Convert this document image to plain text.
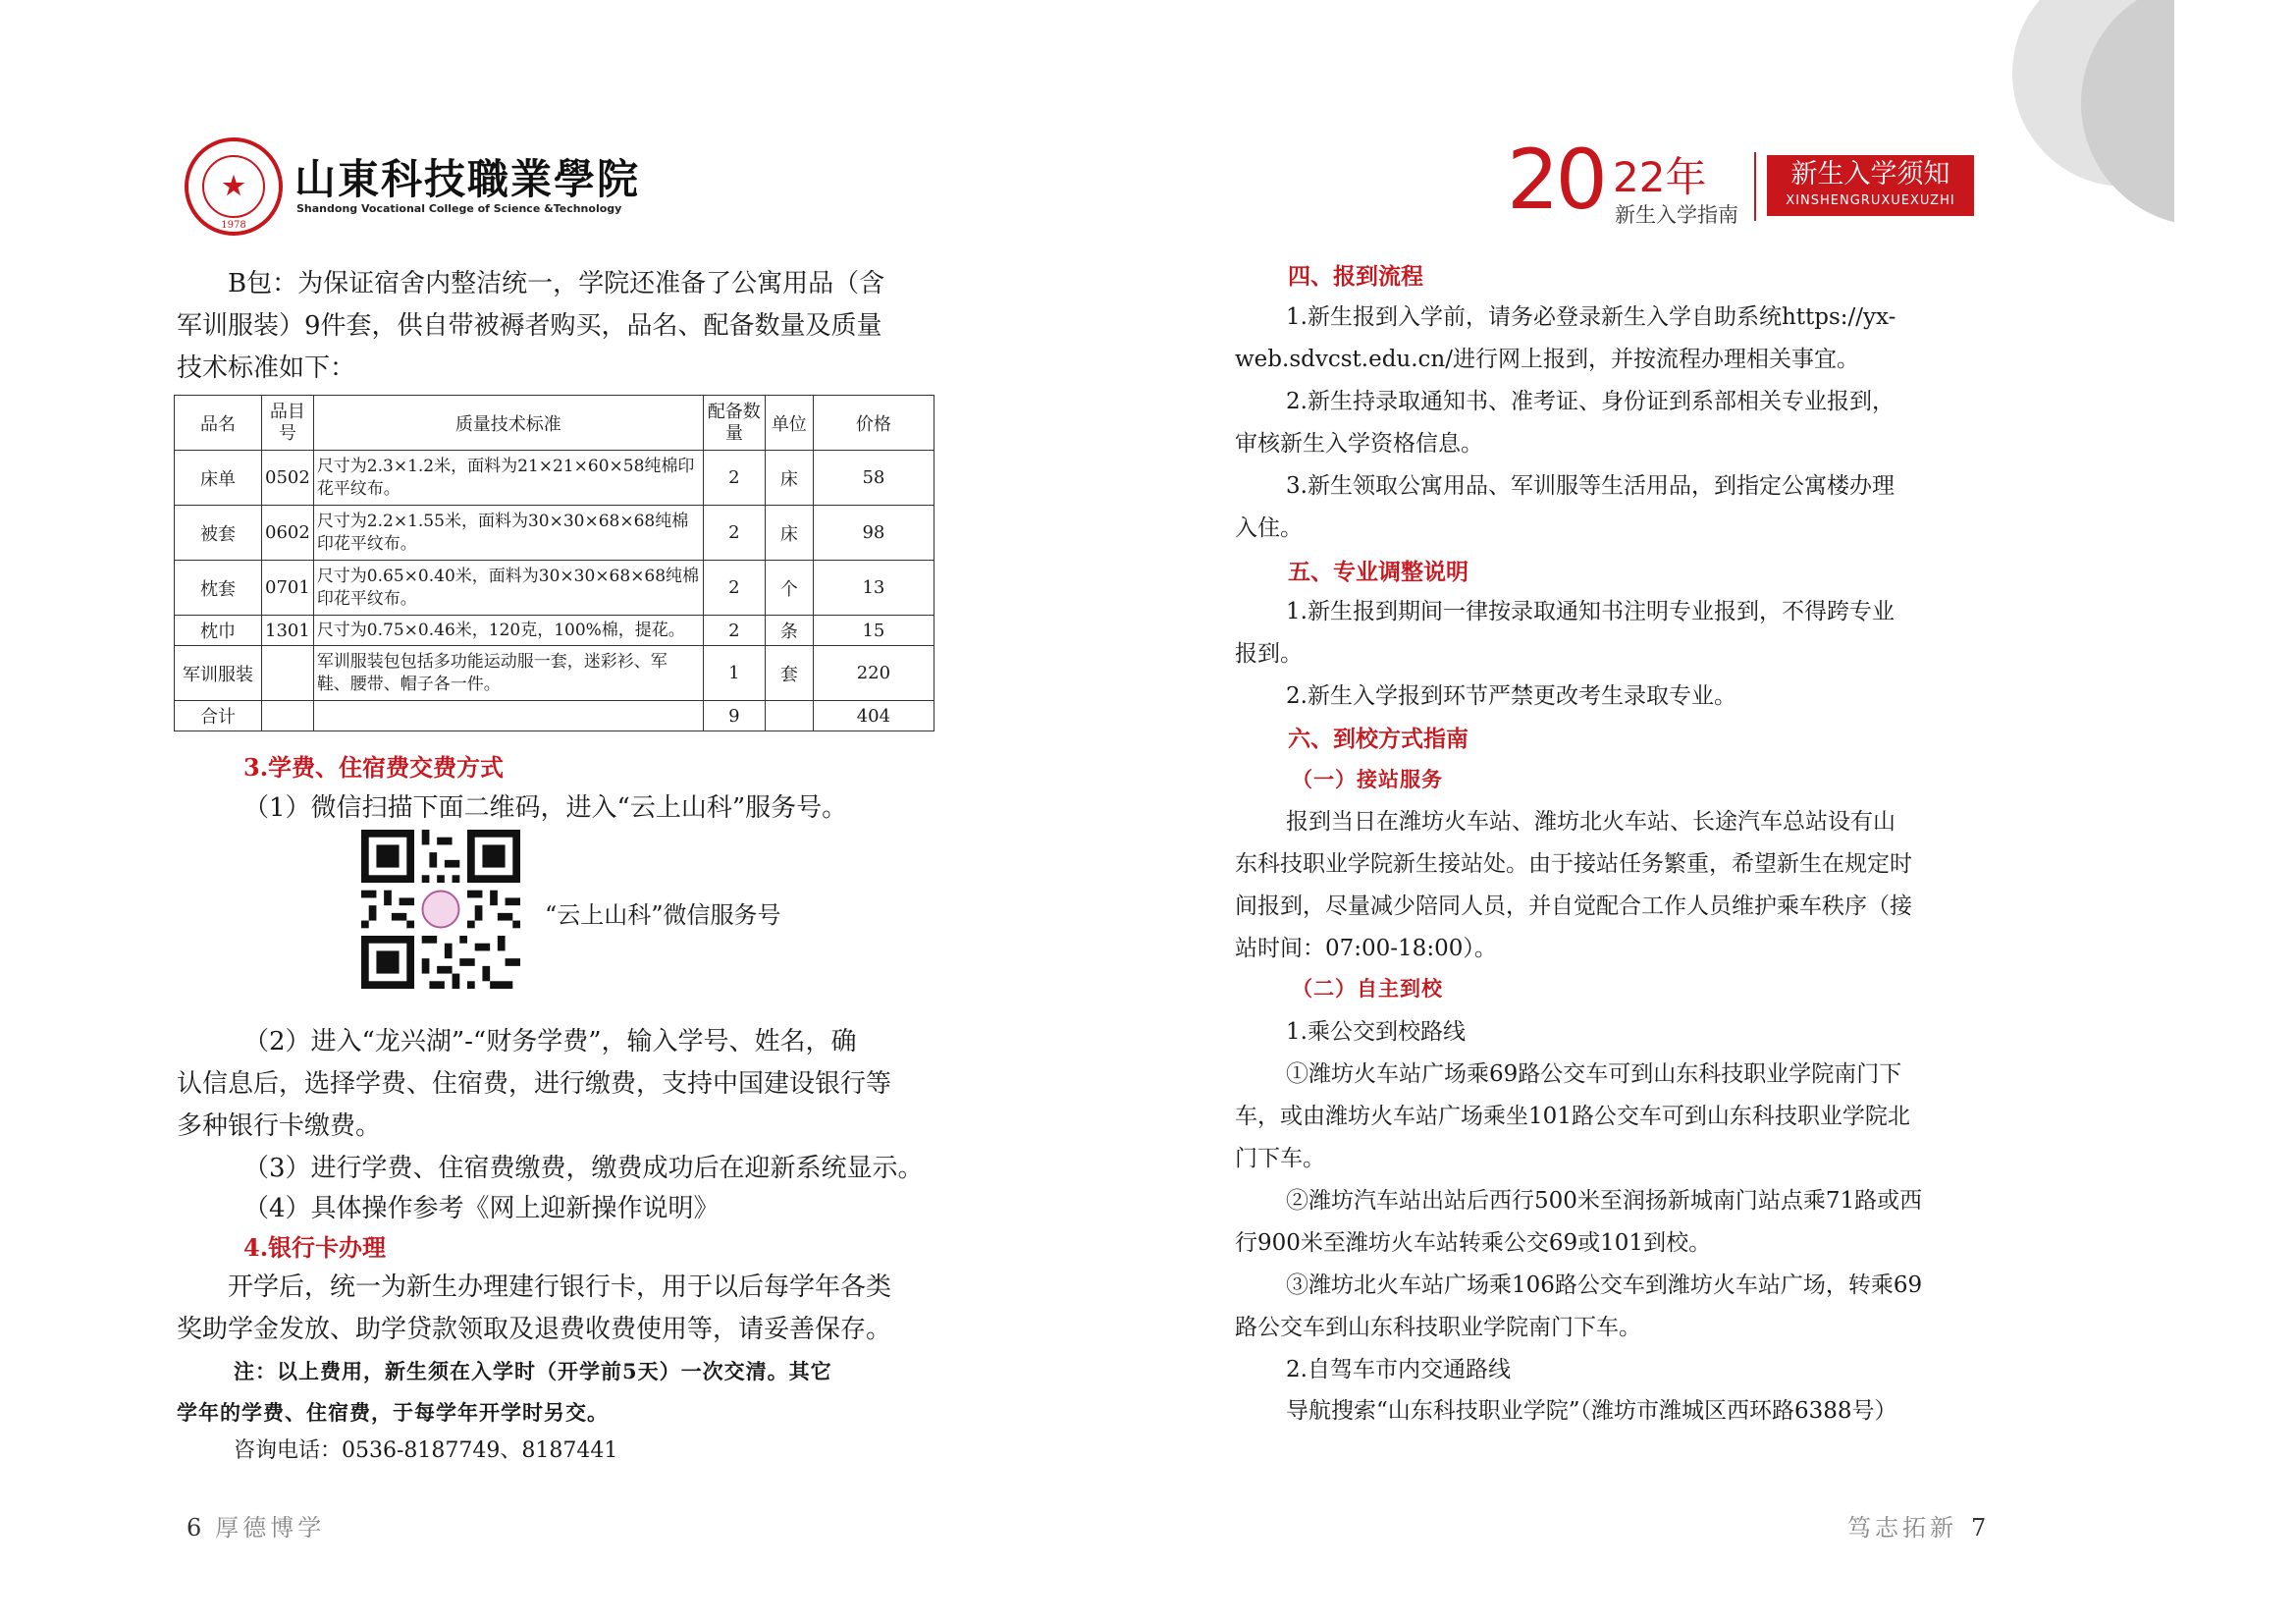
★
1978
山東科技職業學院
Shandong Vocational College of Science &Technology	20 22年
新生入学指南
新生入学须知
XINSHENGRUXUEXUZHI

B包：为保证宿舍内整洁统一，学院还准备了公寓用品（含

军训服装）9件套，供自带被褥者购买，品名、配备数量及质量

技术标准如下：

品名	品目号	质量技术标准	配备数量	单位	价格
床单	0502	尺寸为2.3×1.2米，面料为21×21×60×58纯棉印花平纹布。	2	床	58
被套	0602	尺寸为2.2×1.55米，面料为30×30×68×68纯棉印花平纹布。	2	床	98
枕套	0701	尺寸为0.65×0.40米，面料为30×30×68×68纯棉印花平纹布。	2	个	13
枕巾	1301	尺寸为0.75×0.46米，120克，100%棉，提花。	2	条	15
军训服装		军训服装包包括多功能运动服一套，迷彩衫、军鞋、腰带、帽子各一件。	1	套	220
合计			9		404
3.学费、住宿费交费方式
（1）微信扫描下面二维码，进入“云上山科”服务号。
“云上山科”微信服务号

（2）进入“龙兴湖”-“财务学费”，输入学号、姓名，确

认信息后，选择学费、住宿费，进行缴费，支持中国建设银行等

多种银行卡缴费。

（3）进行学费、住宿费缴费，缴费成功后在迎新系统显示。
（4）具体操作参考《网上迎新操作说明》
4.银行卡办理

开学后，统一为新生办理建行银行卡，用于以后每学年各类

奖助学金发放、助学贷款领取及退费收费使用等，请妥善保存。

注：以上费用，新生须在入学时（开学前5天）一次交清。其它

学年的学费、住宿费，于每学年开学时另交。

咨询电话：0536-8187749、8187441
6 厚德博学
四、报到流程

1.新生报到入学前，请务必登录新生入学自助系统https://yx-

web.sdvcst.edu.cn/进行网上报到，并按流程办理相关事宜。

2.新生持录取通知书、准考证、身份证到系部相关专业报到，

审核新生入学资格信息。

3.新生领取公寓用品、军训服等生活用品，到指定公寓楼办理

入住。

五、专业调整说明

1.新生报到期间一律按录取通知书注明专业报到，不得跨专业

报到。

2.新生入学报到环节严禁更改考生录取专业。

六、到校方式指南
（一）接站服务

报到当日在潍坊火车站、潍坊北火车站、长途汽车总站设有山

东科技职业学院新生接站处。由于接站任务繁重，希望新生在规定时

间报到，尽量减少陪同人员，并自觉配合工作人员维护乘车秩序（接

站时间：07:00-18:00）。

（二）自主到校
1.乘公交到校路线

①潍坊火车站广场乘69路公交车可到山东科技职业学院南门下

车，或由潍坊火车站广场乘坐101路公交车可到山东科技职业学院北

门下车。

②潍坊汽车站出站后西行500米至润扬新城南门站点乘71路或西

行900米至潍坊火车站转乘公交69或101到校。

③潍坊北火车站广场乘106路公交车到潍坊火车站广场，转乘69

路公交车到山东科技职业学院南门下车。

2.自驾车市内交通路线
导航搜索“山东科技职业学院”（潍坊市潍城区西环路6388号）
笃志拓新 7
